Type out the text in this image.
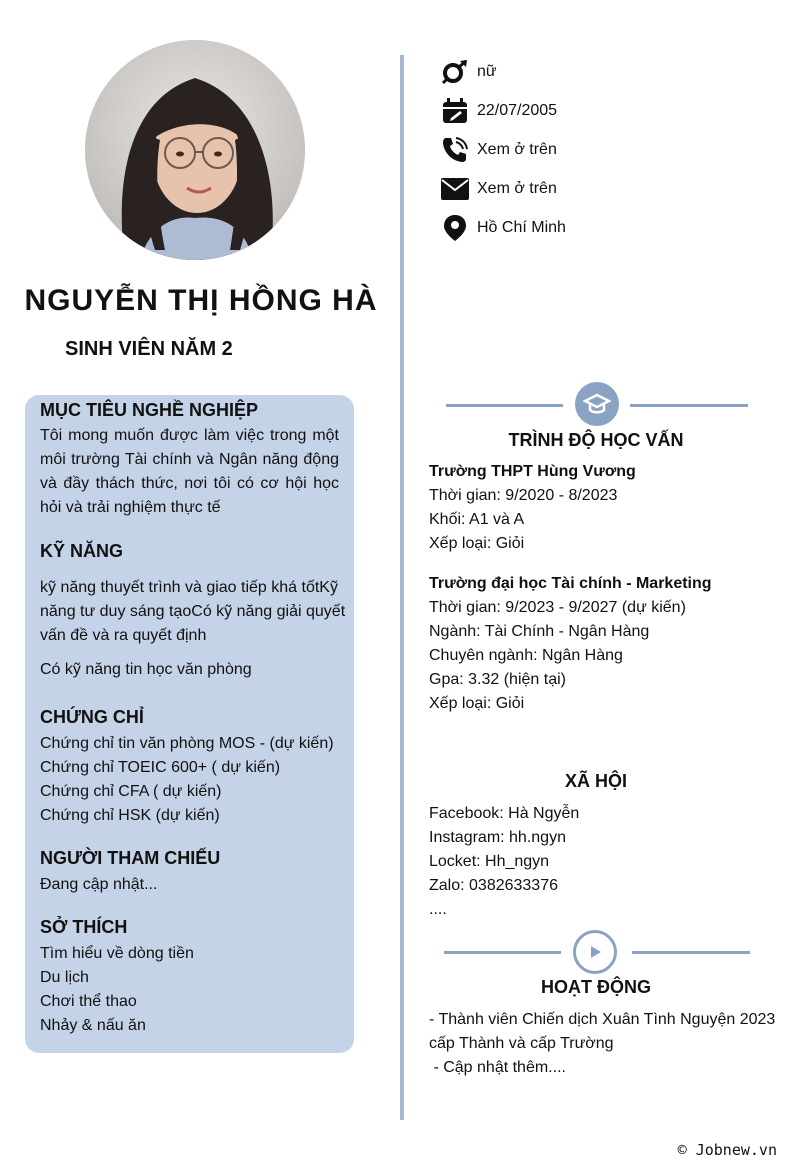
NGUYỄN THỊ HỒNG HÀ
SINH VIÊN NĂM 2
nữ
22/07/2005
Xem ở trên
Xem ở trên
Hồ Chí Minh
MỤC TIÊU NGHỀ NGHIỆP
Tôi mong muốn được làm việc trong một môi trường Tài chính và Ngân năng động và đầy thách thức, nơi tôi có cơ hội học hỏi và trải nghiệm thực tế
KỸ NĂNG
kỹ năng thuyết trình và giao tiếp khá tốtKỹ năng tư duy sáng tạoCó kỹ năng giải quyết vấn đề và ra quyết định
Có kỹ năng tin học văn phòng
CHỨNG CHỈ
Chứng chỉ tin văn phòng MOS - (dự kiến)
Chứng chỉ TOEIC 600+ ( dự kiến)
Chứng chỉ CFA ( dự kiến)
Chứng chỉ HSK (dự kiến)
NGƯỜI THAM CHIẾU
Đang cập nhật...
SỞ THÍCH
Tìm hiểu về dòng tiền
Du lịch
Chơi thể thao
Nhảy & nấu ăn
TRÌNH ĐỘ HỌC VẤN
Trường THPT Hùng Vương
Thời gian: 9/2020 - 8/2023
Khối: A1 và A
Xếp loại: Giỏi
Trường đại học Tài chính - Marketing
Thời gian: 9/2023 - 9/2027 (dự kiến)
Ngành: Tài Chính - Ngân Hàng
Chuyên ngành: Ngân Hàng
Gpa: 3.32 (hiện tại)
Xếp loại: Giỏi
XÃ HỘI
Facebook: Hà Ngyễn
Instagram: hh.ngyn
Locket: Hh_ngyn
Zalo: 0382633376
....
HOẠT ĐỘNG
- Thành viên Chiến dịch Xuân Tình Nguyện 2023 cấp Thành và cấp Trường
- Cập nhật thêm....
© Jobnew.vn
